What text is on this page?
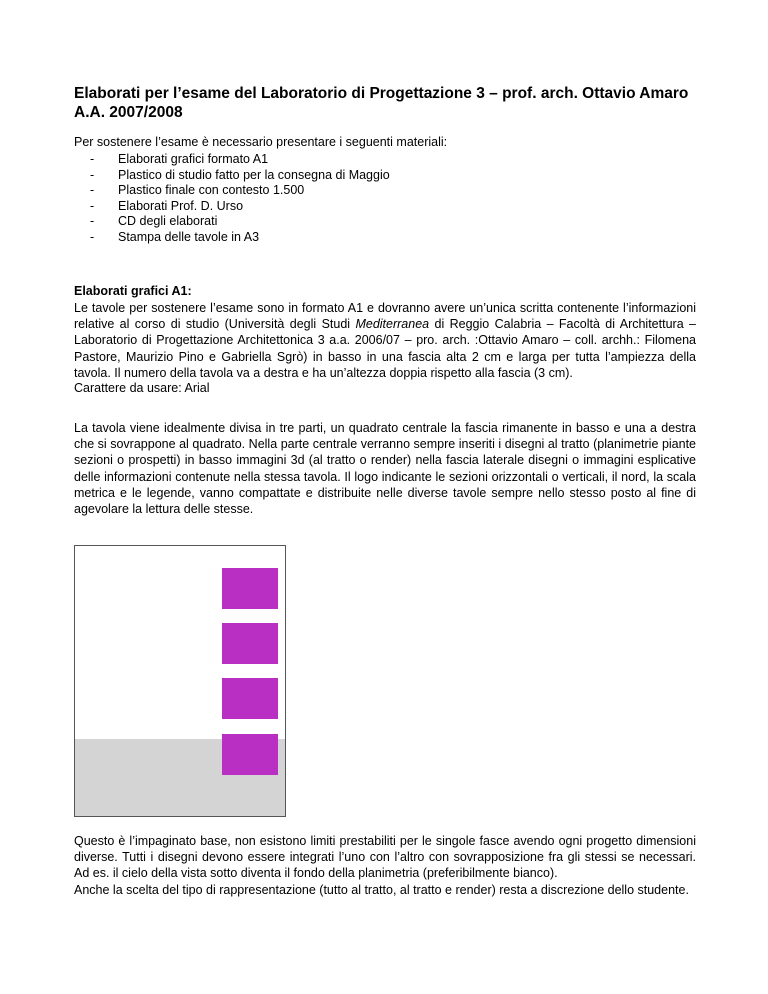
Elaborati per l’esame del Laboratorio di Progettazione 3 – prof. arch. Ottavio Amaro
A.A. 2007/2008

Per sostenere l’esame è necessario presentare i seguenti materiali:

- Elaborati grafici formato A1
- Plastico di studio fatto per la consegna di Maggio
- Plastico finale con contesto 1.500
- Elaborati Prof. D. Urso
- CD degli elaborati
- Stampa delle tavole in A3
Elaborati grafici A1:

Le tavole per sostenere l’esame sono in formato A1 e dovranno avere un’unica scritta contenente l’informazioni relative al corso di studio (Università degli Studi Mediterranea di Reggio Calabria – Facoltà di Architettura – Laboratorio di Progettazione Architettonica 3 a.a. 2006/07 – pro. arch. :Ottavio Amaro – coll. archh.: Filomena Pastore, Maurizio Pino e Gabriella Sgrò) in basso in una fascia alta 2 cm e larga per tutta l’ampiezza della tavola. Il numero della tavola va a destra e ha un’altezza doppia rispetto alla fascia (3 cm).

Carattere da usare: Arial

La tavola viene idealmente divisa in tre parti, un quadrato centrale la fascia rimanente in basso e una a destra che si sovrappone al quadrato. Nella parte centrale verranno sempre inseriti i disegni al tratto (planimetrie piante sezioni o prospetti) in basso immagini 3d (al tratto o render) nella fascia laterale disegni o immagini esplicative delle informazioni contenute nella stessa tavola. Il logo indicante le sezioni orizzontali o verticali, il nord, la scala metrica e le legende, vanno compattate e distribuite nelle diverse tavole sempre nello stesso posto al fine di agevolare la lettura delle stesse.

Questo è l’impaginato base, non esistono limiti prestabiliti per le singole fasce avendo ogni progetto dimensioni diverse. Tutti i disegni devono essere integrati l’uno con l’altro con sovrapposizione fra gli stessi se necessari. Ad es. il cielo della vista sotto diventa il fondo della planimetria (preferibilmente bianco).
Anche la scelta del tipo di rappresentazione (tutto al tratto, al tratto e render) resta a discrezione dello studente.
